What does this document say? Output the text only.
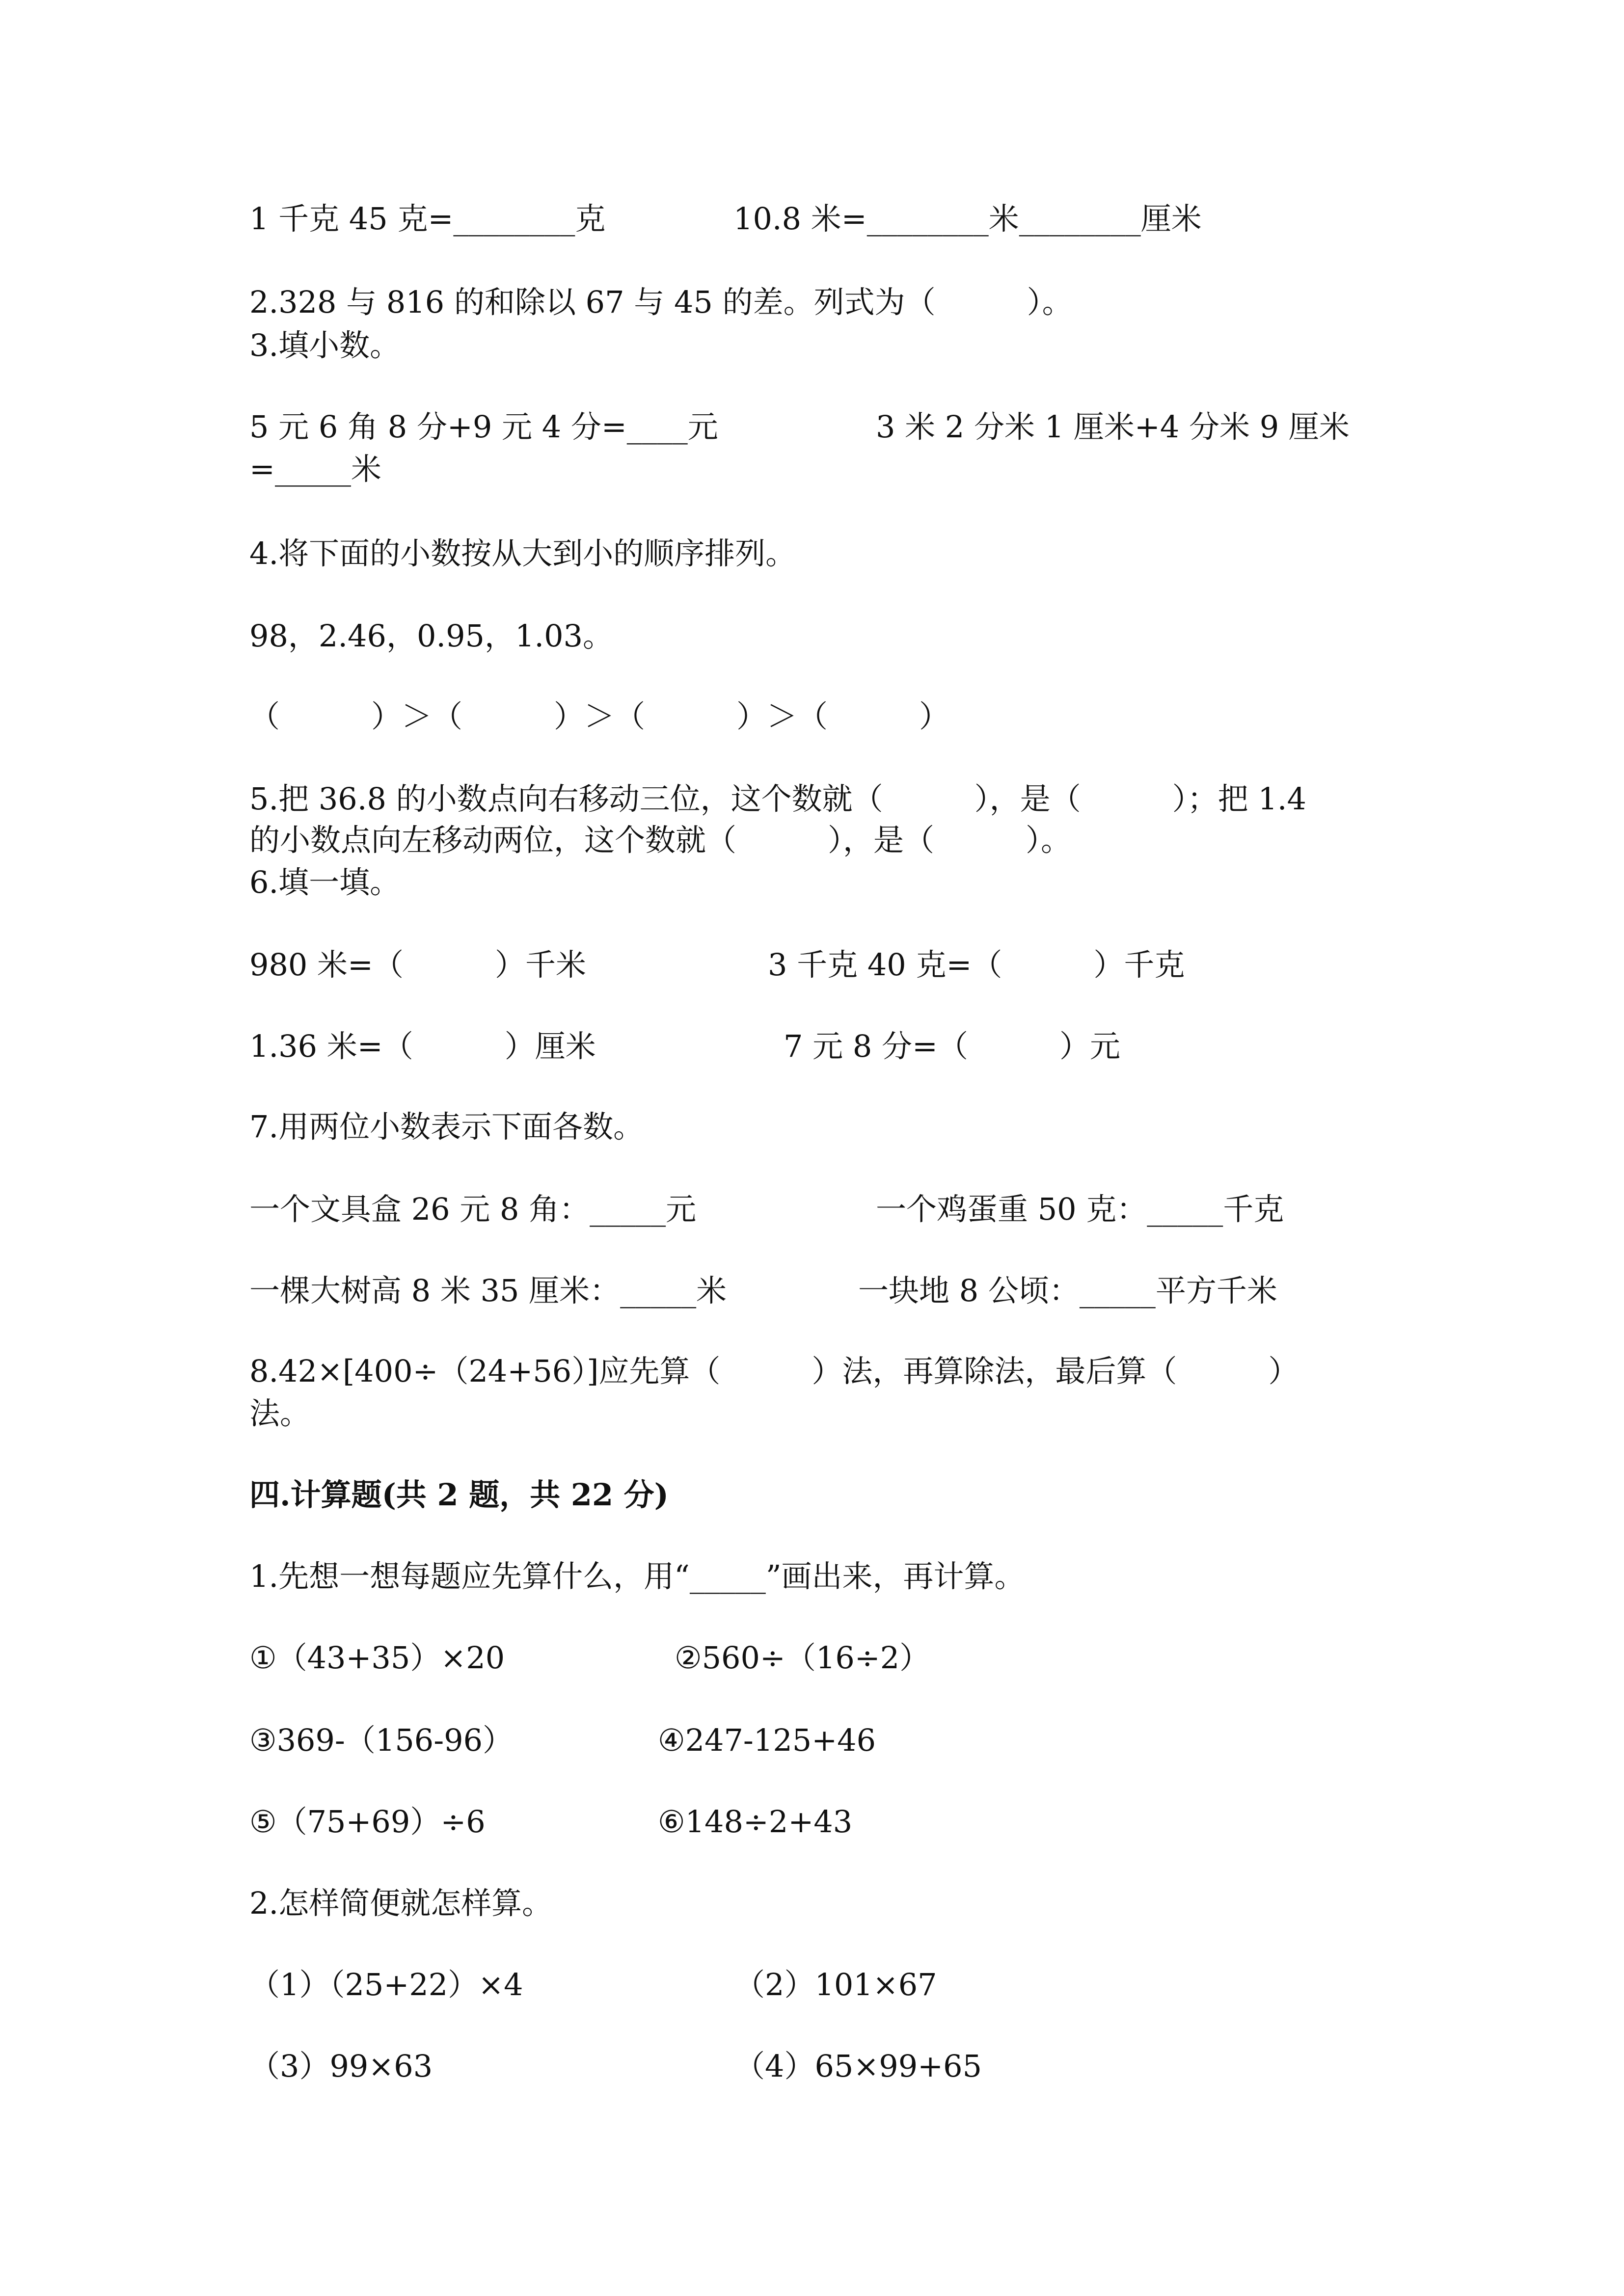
1 千克 45 克=________克	10.8 米=________米________厘米
2.328 与 816 的和除以 67 与 45 的差。列式为（　　　）。
3.填小数。
5 元 6 角 8 分+9 元 4 分=____元	3 米 2 分米 1 厘米+4 分米 9 厘米
=_____米
4.将下面的小数按从大到小的顺序排列。
98，2.46，0.95，1.03。
（　　　）＞（　　　）＞（　　　）＞（　　　）
5.把 36.8 的小数点向右移动三位，这个数就（　　　），是（　　　）；把 1.4
的小数点向左移动两位，这个数就（　　　），是（　　　）。
6.填一填。
980 米=（　　　）千米	3 千克 40 克=（　　　）千克
1.36 米=（　　　）厘米	7 元 8 分=（　　　）元
7.用两位小数表示下面各数。
一个文具盒 26 元 8 角：_____元	一个鸡蛋重 50 克：_____千克
一棵大树高 8 米 35 厘米：_____米	一块地 8 公顷：_____平方千米
8.42×[400÷（24+56）]应先算（　　　）法，再算除法，最后算（　　　）
法。
四.计算题(共 2 题，共 22 分)
1.先想一想每题应先算什么，用“_____”画出来，再计算。
①（43+35）×20	②560÷（16÷2）
③369-（156-96）	④247-125+46
⑤（75+69）÷6	⑥148÷2+43
2.怎样简便就怎样算。
（1）（25+22）×4	（2）101×67
（3）99×63	（4）65×99+65
